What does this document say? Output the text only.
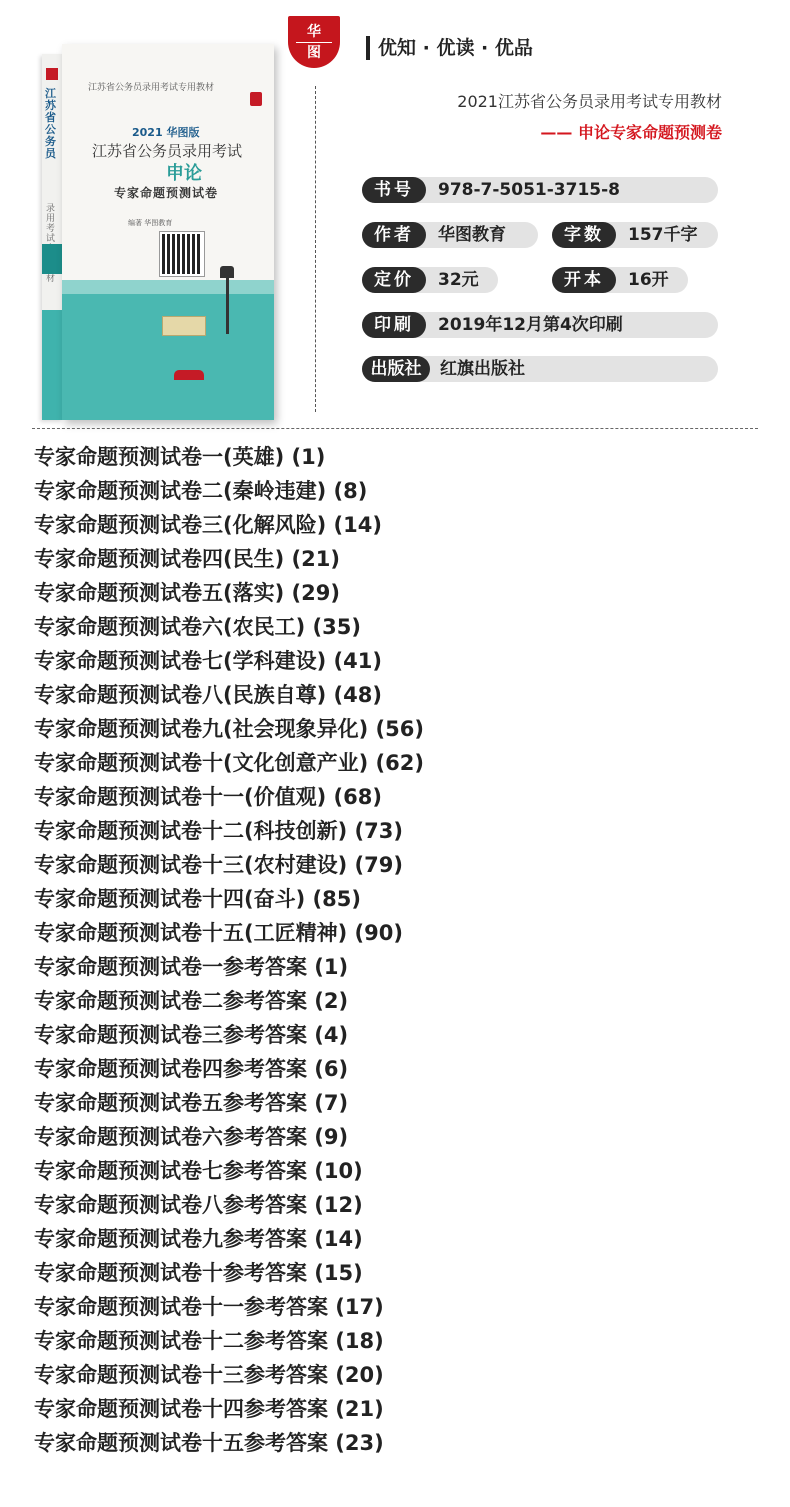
江苏省公务员
录用考试 材
江苏省公务员录用考试专用教材
2021 华图版
江苏省公务员录用考试
申论
专家命题预测试卷
编著 华图教育
华
图	优知 · 优读 · 优品
2021江苏省公务员录用考试专用教材
—— 申论专家命题预测卷
书号	978-7-5051-3715-8
作者	华图教育	字数	157千字
定价	32元	开本	16开
印刷	2019年12月第4次印刷
出版社	红旗出版社
专家命题预测试卷一(英雄) (1)
专家命题预测试卷二(秦岭违建) (8)
专家命题预测试卷三(化解风险) (14)
专家命题预测试卷四(民生) (21)
专家命题预测试卷五(落实) (29)
专家命题预测试卷六(农民工) (35)
专家命题预测试卷七(学科建设) (41)
专家命题预测试卷八(民族自尊) (48)
专家命题预测试卷九(社会现象异化) (56)
专家命题预测试卷十(文化创意产业) (62)
专家命题预测试卷十一(价值观) (68)
专家命题预测试卷十二(科技创新) (73)
专家命题预测试卷十三(农村建设) (79)
专家命题预测试卷十四(奋斗) (85)
专家命题预测试卷十五(工匠精神) (90)
专家命题预测试卷一参考答案 (1)
专家命题预测试卷二参考答案 (2)
专家命题预测试卷三参考答案 (4)
专家命题预测试卷四参考答案 (6)
专家命题预测试卷五参考答案 (7)
专家命题预测试卷六参考答案 (9)
专家命题预测试卷七参考答案 (10)
专家命题预测试卷八参考答案 (12)
专家命题预测试卷九参考答案 (14)
专家命题预测试卷十参考答案 (15)
专家命题预测试卷十一参考答案 (17)
专家命题预测试卷十二参考答案 (18)
专家命题预测试卷十三参考答案 (20)
专家命题预测试卷十四参考答案 (21)
专家命题预测试卷十五参考答案 (23)
